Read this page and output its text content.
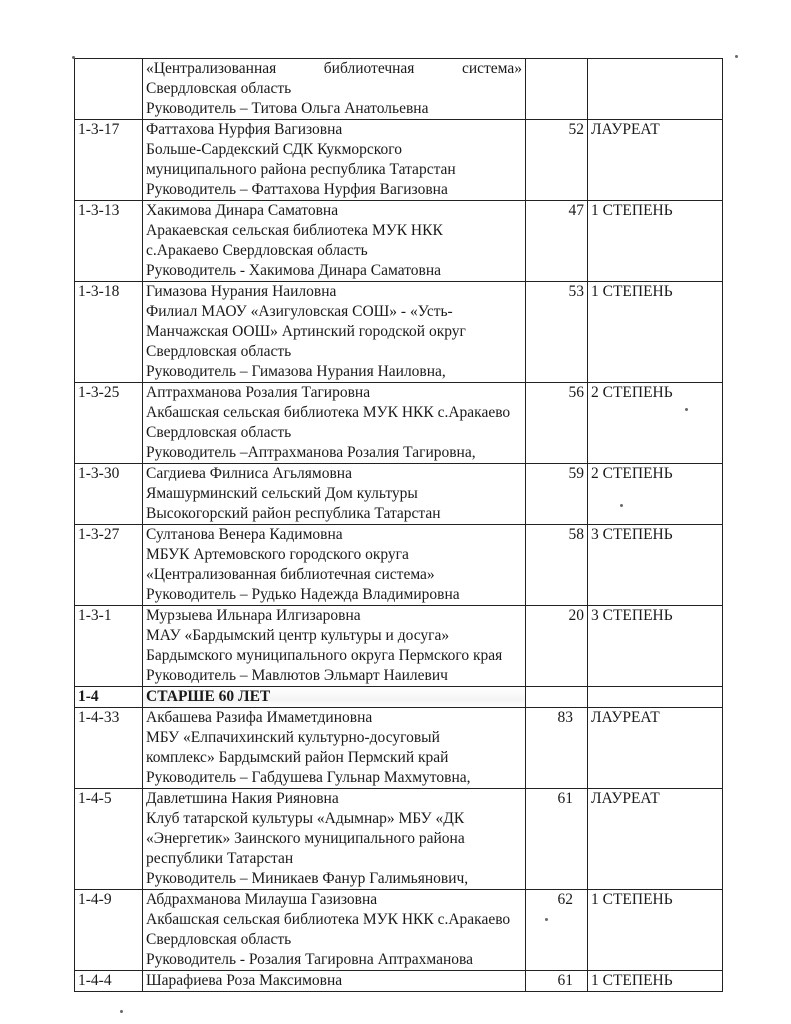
	«Централизованная библиотечная система»
Свердловская область
Руководитель – Титова Ольга Анатольевна		

1-3-17	Фаттахова Нурфия Вагизовна
Больше-Сардекский СДК Кукморского
муниципального района республика Татарстан
Руководитель – Фаттахова Нурфия Вагизовна	52	ЛАУРЕАТ
1-3-13	Хакимова Динара Саматовна
Аракаевская сельская библиотека МУК НКК
с.Аракаево Свердловская область
Руководитель - Хакимова Динара Саматовна	47	1 СТЕПЕНЬ
1-3-18	Гимазова Нурания Наиловна
Филиал МАОУ «Азигуловская СОШ» - «Усть-
Манчажская ООШ» Артинский городской округ
Свердловская область
Руководитель – Гимазова Нурания Наиловна,	53	1 СТЕПЕНЬ
1-3-25	Аптрахманова Розалия Тагировна
Акбашская сельская библиотека МУК НКК с.Аракаево
Свердловская область
Руководитель –Аптрахманова Розалия Тагировна,	56	2 СТЕПЕНЬ
1-3-30	Сагдиева Филниса Агьлямовна
Ямашурминский сельский Дом культуры
Высокогорский район республика Татарстан	59	2 СТЕПЕНЬ
1-3-27	Султанова Венера Кадимовна
МБУК Артемовского городского округа
«Централизованная библиотечная система»
Руководитель – Рудько Надежда Владимировна	58	3 СТЕПЕНЬ
1-3-1	Мурзыева Ильнара Илгизаровна
МАУ «Бардымский центр культуры и досуга»
Бардымского муниципального округа Пермского края
Руководитель – Мавлютов Эльмарт Наилевич	20	3 СТЕПЕНЬ
1-4	СТАРШЕ 60 ЛЕТ		

1-4-33	Акбашева Разифа Имаметдиновна
МБУ «Елпачихинский культурно-досуговый
комплекс» Бардымский район Пермский край
Руководитель – Габдушева Гульнар Махмутовна,	83	ЛАУРЕАТ
1-4-5	Давлетшина Накия Рияновна
Клуб татарской культуры «Адымнар» МБУ «ДК
«Энергетик» Заинского муниципального района
республики Татарстан
Руководитель – Миникаев Фанур Галимьянович,	61	ЛАУРЕАТ
1-4-9	Абдрахманова Милауша Газизовна
Акбашская сельская библиотека МУК НКК с.Аракаево
Свердловская область
Руководитель - Розалия Тагировна Аптрахманова	62	1 СТЕПЕНЬ
1-4-4	Шарафиева Роза Максимовна	61	1 СТЕПЕНЬ
